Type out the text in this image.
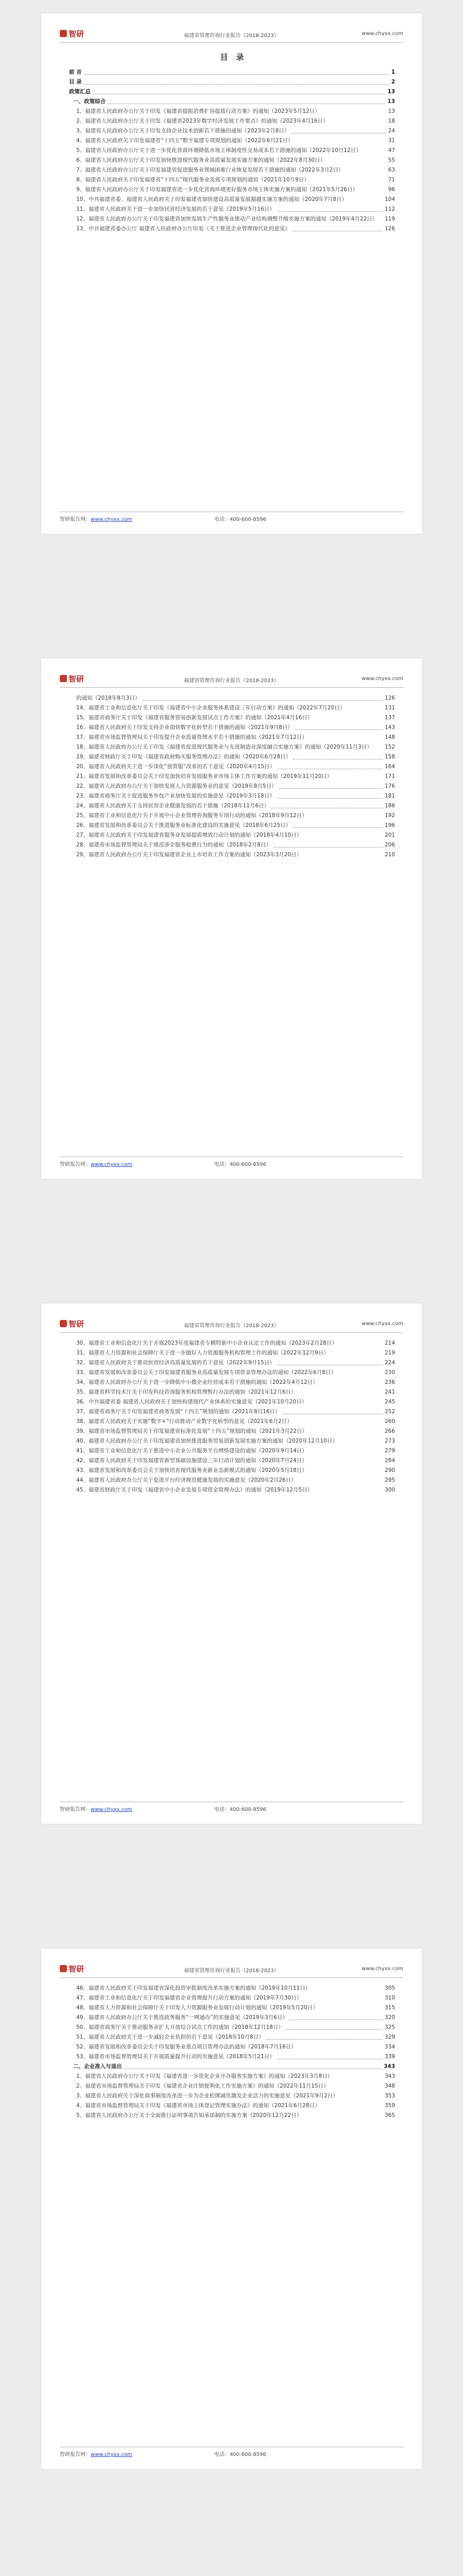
智研	福建省管理咨询行业报告（2018-2023）	www.chyxx.com
目录
前 言	1
目 录	2
政策汇总	13
一、政策综合	13
1、福建省人民政府办公厅关于印发《福建省提振消费扩容提质行动方案》的通知（2023年5月12日）	13
2、福建省人民政府办公厅关于印发《福建省2023年数字经济发展工作要点》的通知（2023年4月16日）	18
3、福建省人民政府办公厅关于印发支持企业技术创新若干措施的通知（2023年2月8日）	24
4、福建省人民政府关于印发福建省“十四五”数字福建专项规划的通知（2022年6月21日）	31
5、福建省人民政府办公厅关于进一步优化营商环境降低市场主体制度性交易成本若干措施的通知（2022年10月12日）	47
6、福建省人民政府办公厅关于印发加快推进现代服务业高质量发展实施方案的通知（2022年8月30日）	55
7、福建省人民政府办公厅关于印发福建省促进服务业领域困难行业恢复发展若干措施的通知（2022年3月2日）	63
8、福建省人民政府关于印发福建省“十四五”现代服务业发展专项规划的通知（2021年10月9日）	71
9、福建省人民政府办公厅关于印发福建省进一步优化营商环境更好服务市场主体实施方案的通知（2021年5月26日）	96
10、中共福建省委、福建省人民政府关于印发福建省加快建设高质量发展超越实施方案的通知（2020年7月8日）	104
11、福建省人民政府关于进一步加快民营经济发展的若干意见（2019年5月16日）	112
12、福建省人民政府办公厅关于印发福建省加快发展生产性服务业推动产业结构调整升级实施方案的通知（2019年4月22日） 119
13、中共福建省委办公厅 福建省人民政府办公厅印发《关于推进企业管理现代化的意见》	126
智研报告网：www.chyxx.com	电话：400-600-8596
智研	福建省管理咨询行业报告（2018-2023）	www.chyxx.com
的通知（2018年8月3日）	126
14、福建省工业和信息化厅关于印发《福建省中小企业服务体系建设三年行动方案》的通知（2022年7月20日）	131
15、福建省商务厅关于印发《福建省服务贸易创新发展试点工作方案》的通知（2021年4月16日）	137
16、福建省人民政府关于印发支持企业加快数字化转型若干措施的通知（2021年9月8日）	143
17、福建省市场监督管理局关于印发提升企业质量管理水平若干措施的通知（2021年7月12日）	148
18、福建省人民政府办公厅关于印发《福建省促进现代服务业与先进制造业深度融合实施方案》的通知（2020年11月3日） 152
19、福建省财政厅关于印发《福建省政府购买服务管理办法》的通知（2020年6月28日）	158
20、福建省人民政府关于进一步深化“放管服”改革的若干意见（2020年4月15日）	164
21、福建省发展和改革委员会关于印发加快培育发展服务业市场主体工作方案的通知（2019年11月20日）	171
22、福建省人民政府办公厅关于加快发展人力资源服务业的意见（2019年8月5日）	176
23、福建省商务厅关于促进服务外包产业加快发展的实施意见（2019年3月18日）	181
24、福建省人民政府关于支持民营企业健康发展的若干措施（2018年11月6日）	186
25、福建省工业和信息化厅关于开展中小企业管理咨询服务专项行动的通知（2018年9月12日）	192
26、福建省发展和改革委员会关于推进服务业标准化建设的实施意见（2018年6月25日）	196
27、福建省人民政府关于印发福建省服务业发展提质增效行动计划的通知（2018年4月10日）	201
28、福建省市场监督管理局关于规范涉企服务收费行为的通知（2018年2月8日）	206
29、福建省人民政府办公厅关于印发福建省企业上市培育工作方案的通知（2023年3月20日）	210
智研报告网：www.chyxx.com	电话：400-600-8596
智研	福建省管理咨询行业报告（2018-2023）	www.chyxx.com
30、福建省工业和信息化厅关于开展2023年度福建省专精特新中小企业认定工作的通知（2023年2月28日）	214
31、福建省人力资源和社会保障厅关于进一步做好人力资源服务机构管理工作的通知（2022年12月9日）	219
32、福建省人民政府关于推动民营经济高质量发展的若干意见（2022年9月15日）	224
33、福建省发展和改革委员会关于印发福建省服务业高质量发展专项资金管理办法的通知（2022年6月8日）	230
34、福建省人民政府办公厅关于进一步降低中小微企业经营成本若干措施的通知（2022年4月12日）	236
35、福建省科学技术厅关于印发科技咨询服务机构管理暂行办法的通知（2021年12月6日）	241
36、中共福建省委 福建省人民政府关于加快构建现代产业体系的实施意见（2021年10月20日）	245
37、福建省商务厅关于印发福建省商务发展“十四五”规划的通知（2021年8月16日）	252
38、福建省人民政府关于实施“数字+”行动推动产业数字化转型的意见（2021年6月2日）	260
39、福建省市场监督管理局关于印发福建省标准化发展“十四五”规划的通知（2021年3月22日）	266
40、福建省人民政府办公厅关于印发福建省加快推进服务贸易创新发展实施方案的通知（2020年12月10日）	273
41、福建省工业和信息化厅关于推进中小企业公共服务平台网络建设的通知（2020年9月14日）	279
42、福建省人民政府关于印发福建省新型基础设施建设三年行动计划的通知（2020年7月24日）	284
43、福建省发展和改革委员会关于加快培育现代服务业新业态新模式的通知（2020年5月18日）	290
44、福建省人民政府办公厅关于促进平台经济规范健康发展的实施意见（2020年2月26日）	295
45、福建省财政厅关于印发《福建省中小企业发展专项资金管理办法》的通知（2019年12月5日）	300
智研报告网：www.chyxx.com	电话：400-600-8596
智研	福建省管理咨询行业报告（2018-2023）	www.chyxx.com
46、福建省人民政府关于印发福建省深化投资审批制度改革实施方案的通知（2019年10月11日）	305
47、福建省工业和信息化厅关于印发福建省企业管理提升行动方案的通知（2019年7月30日）	310
48、福建省人力资源和社会保障厅关于印发人力资源服务业发展行动计划的通知（2019年5月20日）	315
49、福建省人民政府办公厅关于推进政务服务“一网通办”的实施意见（2019年3月6日）	320
50、福建省商务厅关于推动服务业扩大开放综合试点工作的通知（2018年12月18日）	325
51、福建省人民政府关于进一步减轻企业负担的若干意见（2018年10月8日）	329
52、福建省发展和改革委员会关于印发服务业重点项目管理办法的通知（2018年7月16日）	334
53、福建省市场监督管理局关于开展质量提升行动的实施意见（2018年5月21日）	339
二、企业准入与退出	343
1、福建省人民政府办公厅关于印发《福建省进一步优化企业开办服务实施方案》的通知（2023年3月8日）	343
2、福建省市场监督管理局关于印发《福建省企业注销便利化工作实施方案》的通知（2022年11月15日）	348
3、福建省人民政府关于深化商事制度改革进一步为企业松绑减负激发企业活力的实施意见（2021年9月2日）	353
4、福建省市场监督管理局关于印发《福建省市场主体登记管理实施办法》的通知（2021年6月28日）	359
5、福建省人民政府办公厅关于全面推行证明事项告知承诺制的实施方案（2020年12月22日）	365
智研报告网：www.chyxx.com	电话：400-600-8596
